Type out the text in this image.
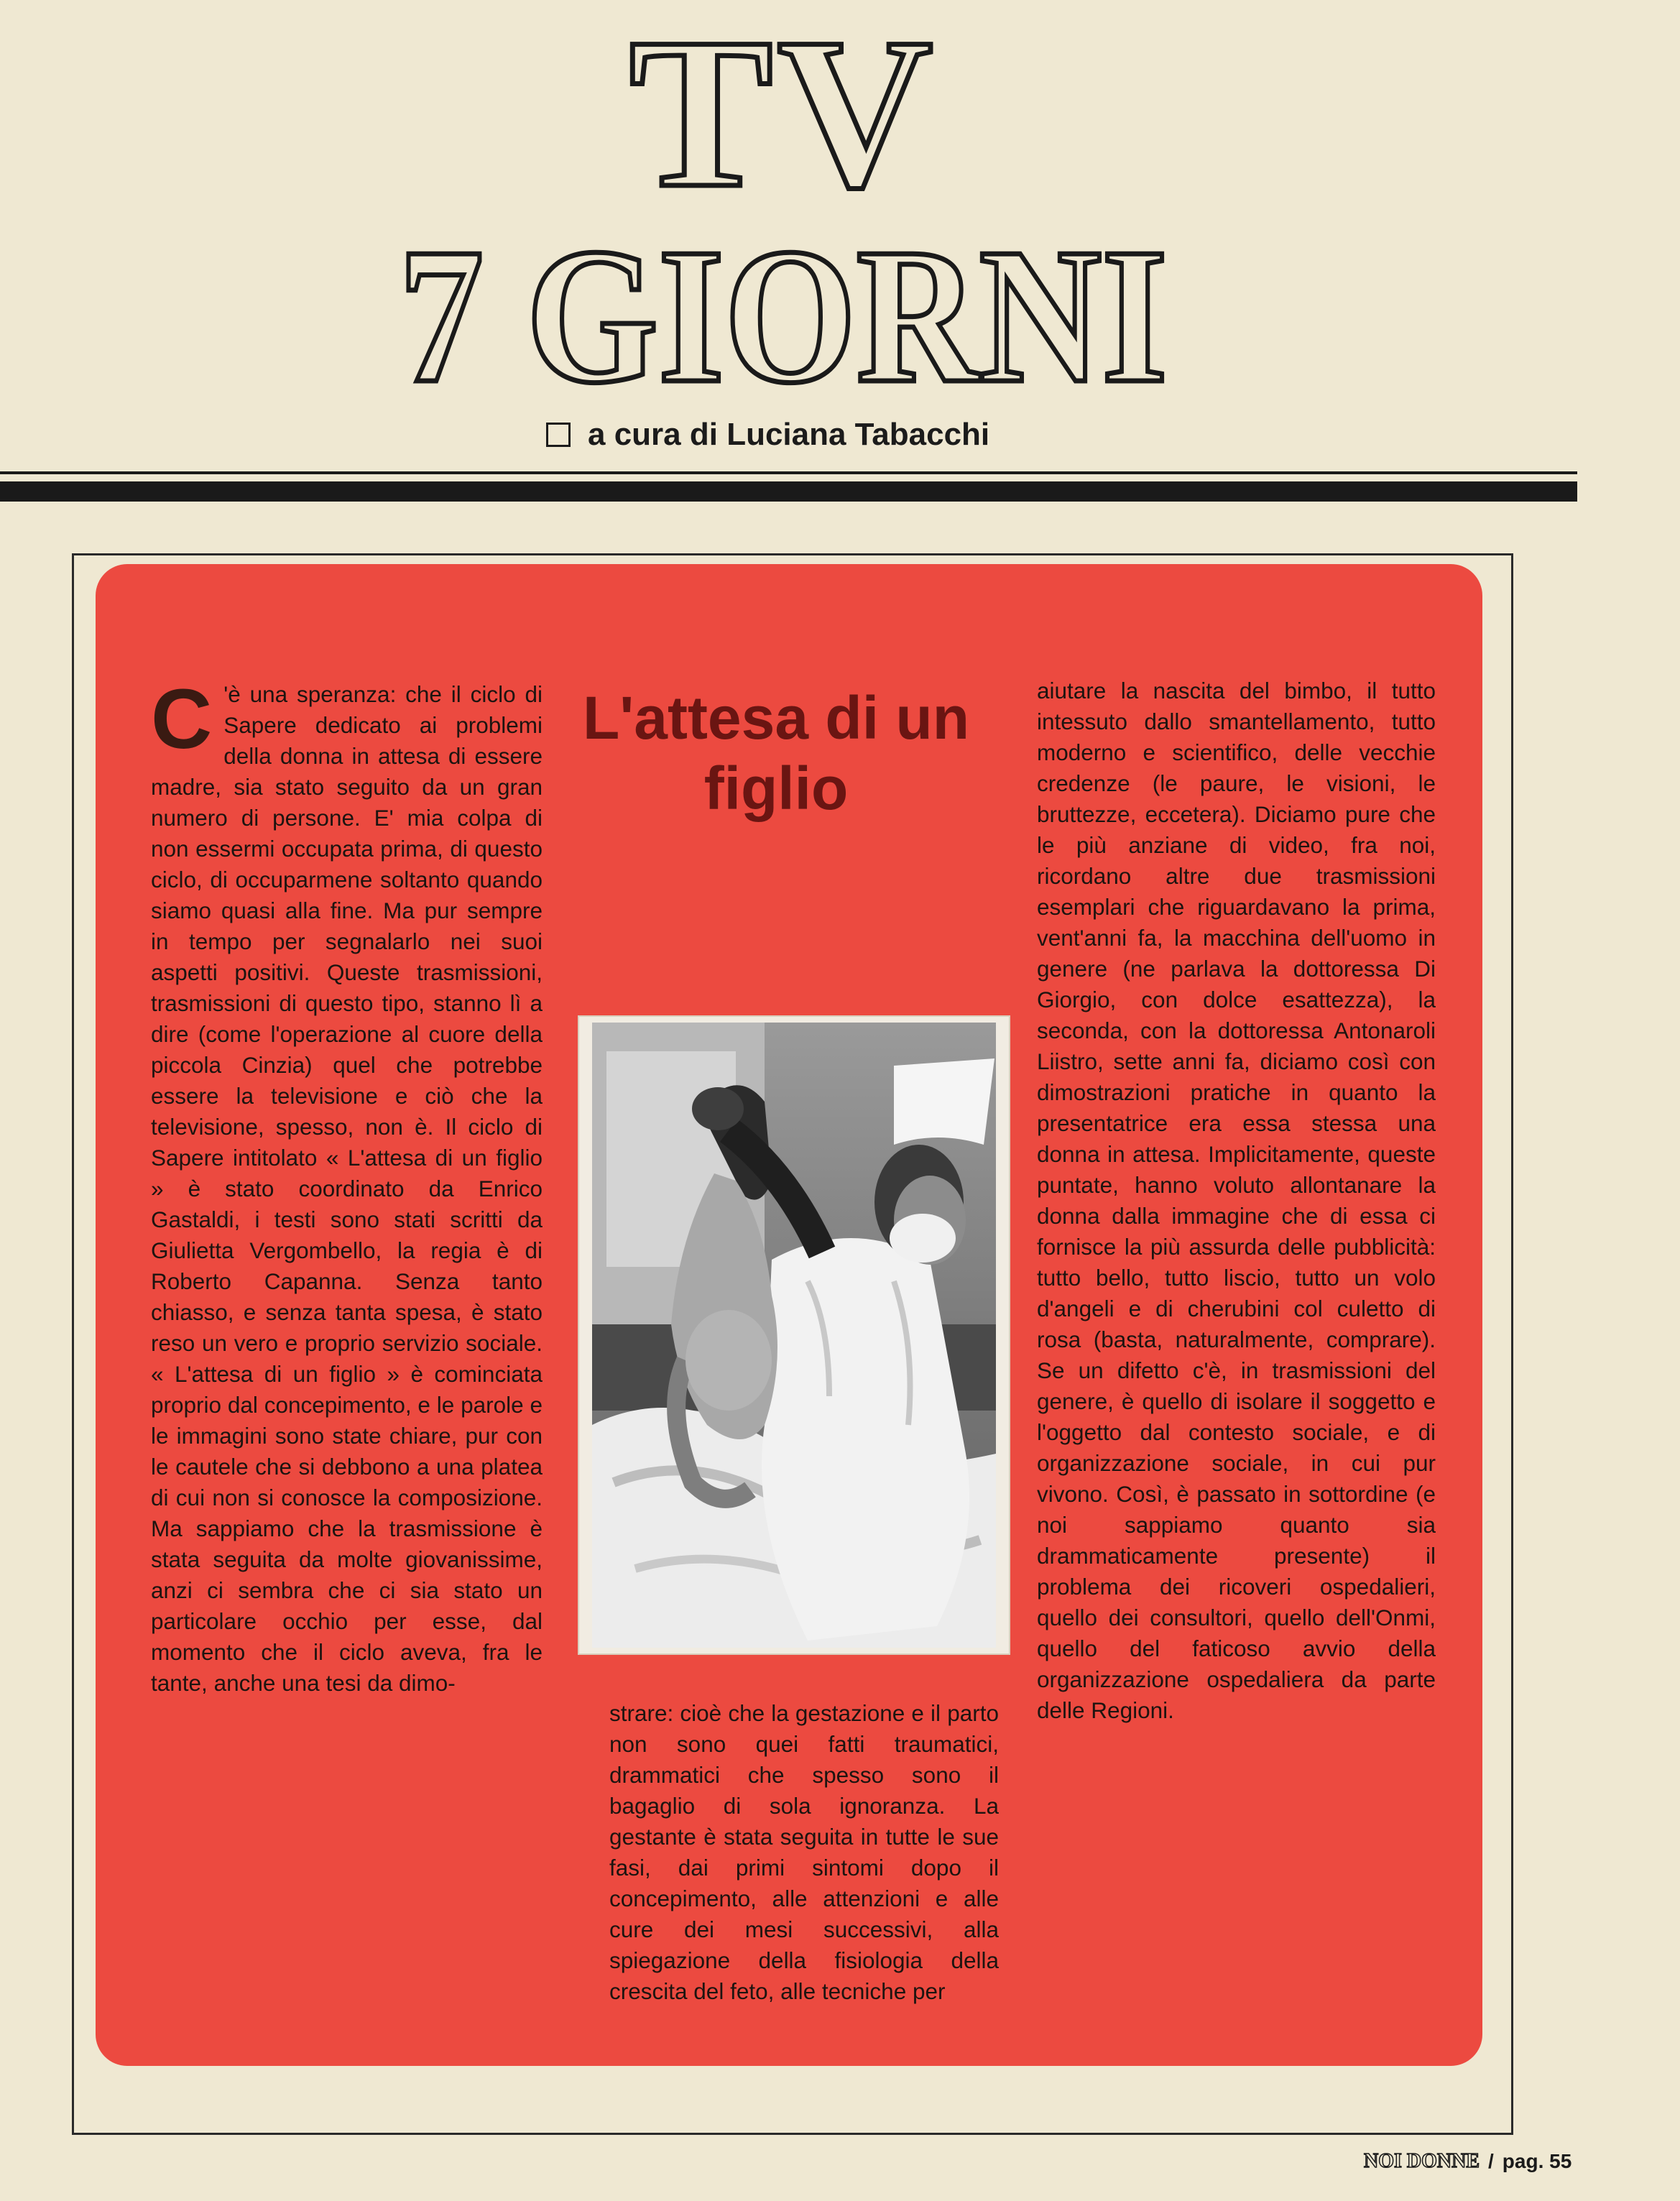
TV
7 GIORNI
a cura di Luciana Tabacchi
L'attesa di un figlio
C 'è una speranza: che il ciclo di Sapere dedicato ai problemi della donna in attesa di essere madre, sia stato seguito da un gran numero di persone. E' mia colpa di non essermi occupata prima, di questo ciclo, di occuparmene soltanto quando siamo quasi alla fine. Ma pur sempre in tempo per segnalarlo nei suoi aspetti positivi. Queste trasmissioni, trasmissioni di questo tipo, stanno lì a dire (come l'operazione al cuore della piccola Cinzia) quel che potrebbe essere la televisione e ciò che la televisione, spesso, non è. Il ciclo di Sapere intitolato « L'attesa di un figlio » è stato coordinato da Enrico Gastaldi, i testi sono stati scritti da Giulietta Vergombello, la regia è di Roberto Capanna. Senza tanto chiasso, e senza tanta spesa, è stato reso un vero e proprio servizio sociale. « L'attesa di un figlio » è cominciata proprio dal concepimento, e le parole e le immagini sono state chiare, pur con le cautele che si debbono a una platea di cui non si conosce la composizione. Ma sappiamo che la trasmissione è stata seguita da molte giovanissime, anzi ci sembra che ci sia stato un particolare occhio per esse, dal momento che il ciclo aveva, fra le tante, anche una tesi da dimo-
strare: cioè che la gestazione e il parto non sono quei fatti traumatici, drammatici che spesso sono il bagaglio di sola ignoranza. La gestante è stata seguita in tutte le sue fasi, dai primi sintomi dopo il concepimento, alle attenzioni e alle cure dei mesi successivi, alla spiegazione della fisiologia della crescita del feto, alle tecniche per
aiutare la nascita del bimbo, il tutto intessuto dallo smantellamento, tutto moderno e scientifico, delle vecchie credenze (le paure, le visioni, le bruttezze, eccetera). Diciamo pure che le più anziane di video, fra noi, ricordano altre due trasmissioni esemplari che riguardavano la prima, vent'anni fa, la macchina dell'uomo in genere (ne parlava la dottoressa Di Giorgio, con dolce esattezza), la seconda, con la dottoressa Antonaroli Liistro, sette anni fa, diciamo così con dimostrazioni pratiche in quanto la presentatrice era essa stessa una donna in attesa. Implicitamente, queste puntate, hanno voluto allontanare la donna dalla immagine che di essa ci fornisce la più assurda delle pubblicità: tutto bello, tutto liscio, tutto un volo d'angeli e di cherubini col culetto di rosa (basta, naturalmente, comprare). Se un difetto c'è, in trasmissioni del genere, è quello di isolare il soggetto e l'oggetto dal contesto sociale, e di organizzazione sociale, in cui pur vivono. Così, è passato in sottordine (e noi sappiamo quanto sia drammaticamente presente) il problema dei ricoveri ospedalieri, quello dei consultori, quello dell'Onmi, quello del faticoso avvio della organizzazione ospedaliera da parte delle Regioni.
NOI DONNE / pag. 55
